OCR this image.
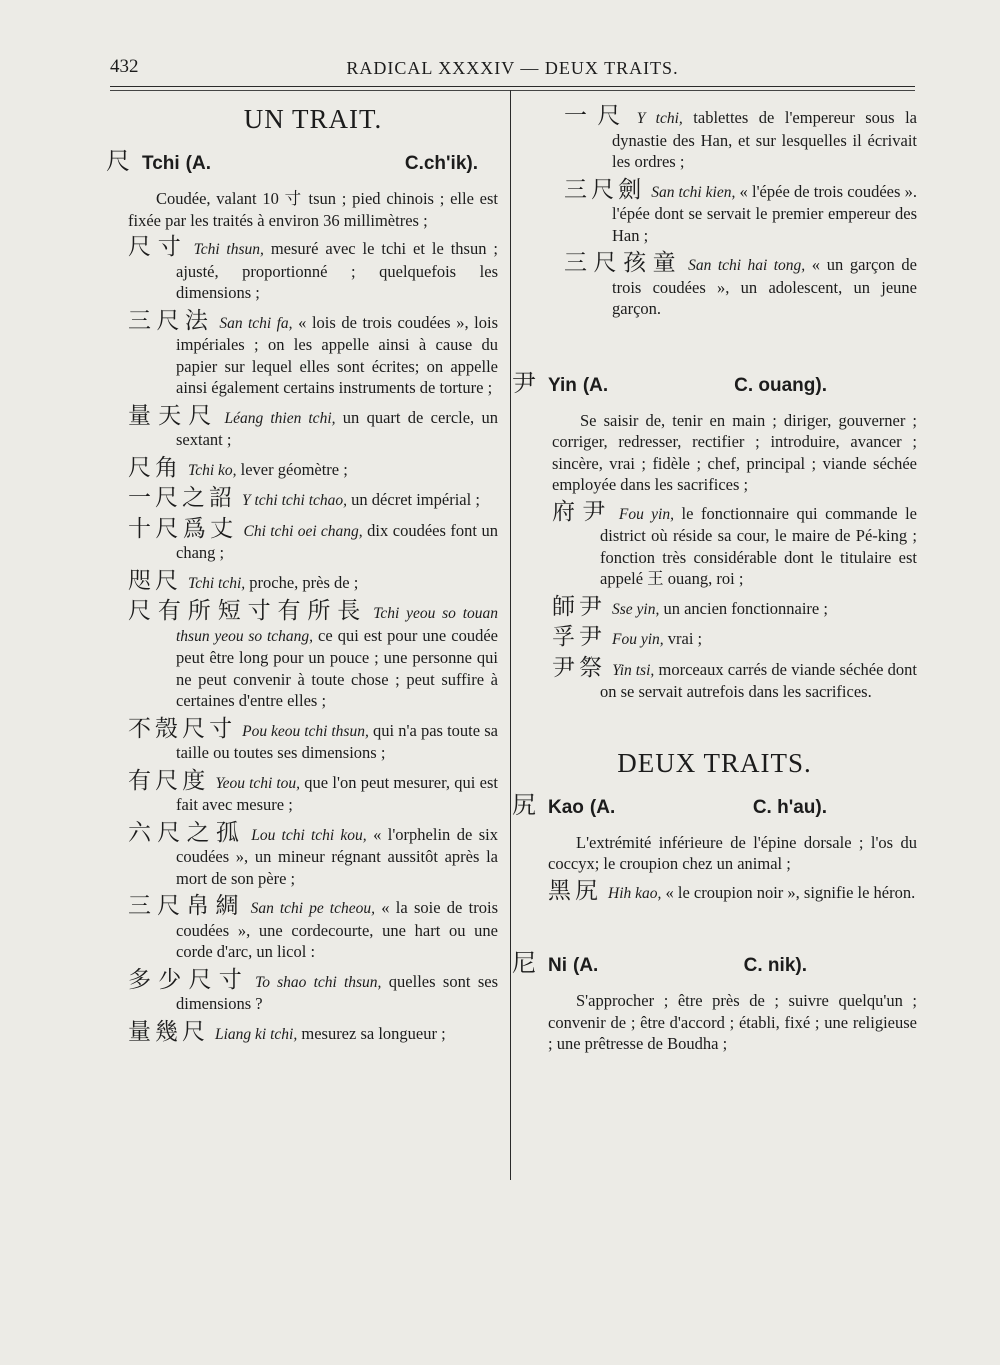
432	RADICAL XXXXIV — DEUX TRAITS.
UN TRAIT.
尺 Tchi (A.	C.ch'ik).

Coudée, valant 10 寸 tsun ; pied chinois ; elle est fixée par les traités à environ 36 millimètres ;

尺寸 Tchi thsun, mesuré avec le tchi et le thsun ; ajusté, proportionné ; quelquefois les dimensions ;

三尺法 San tchi fa, « lois de trois coudées », lois impériales ; on les appelle ainsi à cause du papier sur lequel elles sont écrites; on appelle ainsi également certains instruments de torture ;

量天尺 Léang thien tchi, un quart de cercle, un sextant ;

尺角 Tchi ko, lever géomètre ;

一尺之詔 Y tchi tchi tchao, un décret impérial ;

十尺爲丈 Chi tchi oei chang, dix coudées font un chang ;

咫尺 Tchi tchi, proche, près de ;

尺有所短寸有所長 Tchi yeou so touan thsun yeou so tchang, ce qui est pour une coudée peut être long pour un pouce ; une personne qui ne peut convenir à toute chose ; peut suffire à certaines d'entre elles ;

不殼尺寸 Pou keou tchi thsun, qui n'a pas toute sa taille ou toutes ses dimensions ;

有尺度 Yeou tchi tou, que l'on peut mesurer, qui est fait avec mesure ;

六尺之孤 Lou tchi tchi kou, « l'orphelin de six coudées », un mineur régnant aussitôt après la mort de son père ;

三尺帛綢 San tchi pe tcheou, « la soie de trois coudées », une cordecourte, une hart ou une corde d'arc, un licol :

多少尺寸 To shao tchi thsun, quelles sont ses dimensions ?

量幾尺 Liang ki tchi, mesurez sa longueur ;

一尺 Y tchi, tablettes de l'empereur sous la dynastie des Han, et sur lesquelles il écrivait les ordres ;

三尺劍 San tchi kien, « l'épée de trois coudées ». l'épée dont se servait le premier empereur des Han ;

三尺孩童 San tchi hai tong, « un garçon de trois coudées », un adolescent, un jeune garçon.

尹 Yin (A.	C. ouang).

Se saisir de, tenir en main ; diriger, gouverner ; corriger, redresser, rectifier ; introduire, avancer ; sincère, vrai ; fidèle ; chef, principal ; viande séchée employée dans les sacrifices ;

府尹 Fou yin, le fonctionnaire qui commande le district où réside sa cour, le maire de Pé-king ; fonction très considérable dont le titulaire est appelé 王 ouang, roi ;

師尹 Sse yin, un ancien fonctionnaire ;

孚尹 Fou yin, vrai ;

尹祭 Yin tsi, morceaux carrés de viande séchée dont on se servait autrefois dans les sacrifices.

DEUX TRAITS.
尻 Kao (A.	C. h'au).

L'extrémité inférieure de l'épine dorsale ; l'os du coccyx; le croupion chez un animal ;

黑尻 Hih kao, « le croupion noir », signifie le héron.

尼 Ni (A.	C. nik).

S'approcher ; être près de ; suivre quelqu'un ; convenir de ; être d'accord ; établi, fixé ; une religieuse ; une prêtresse de Boudha ;
